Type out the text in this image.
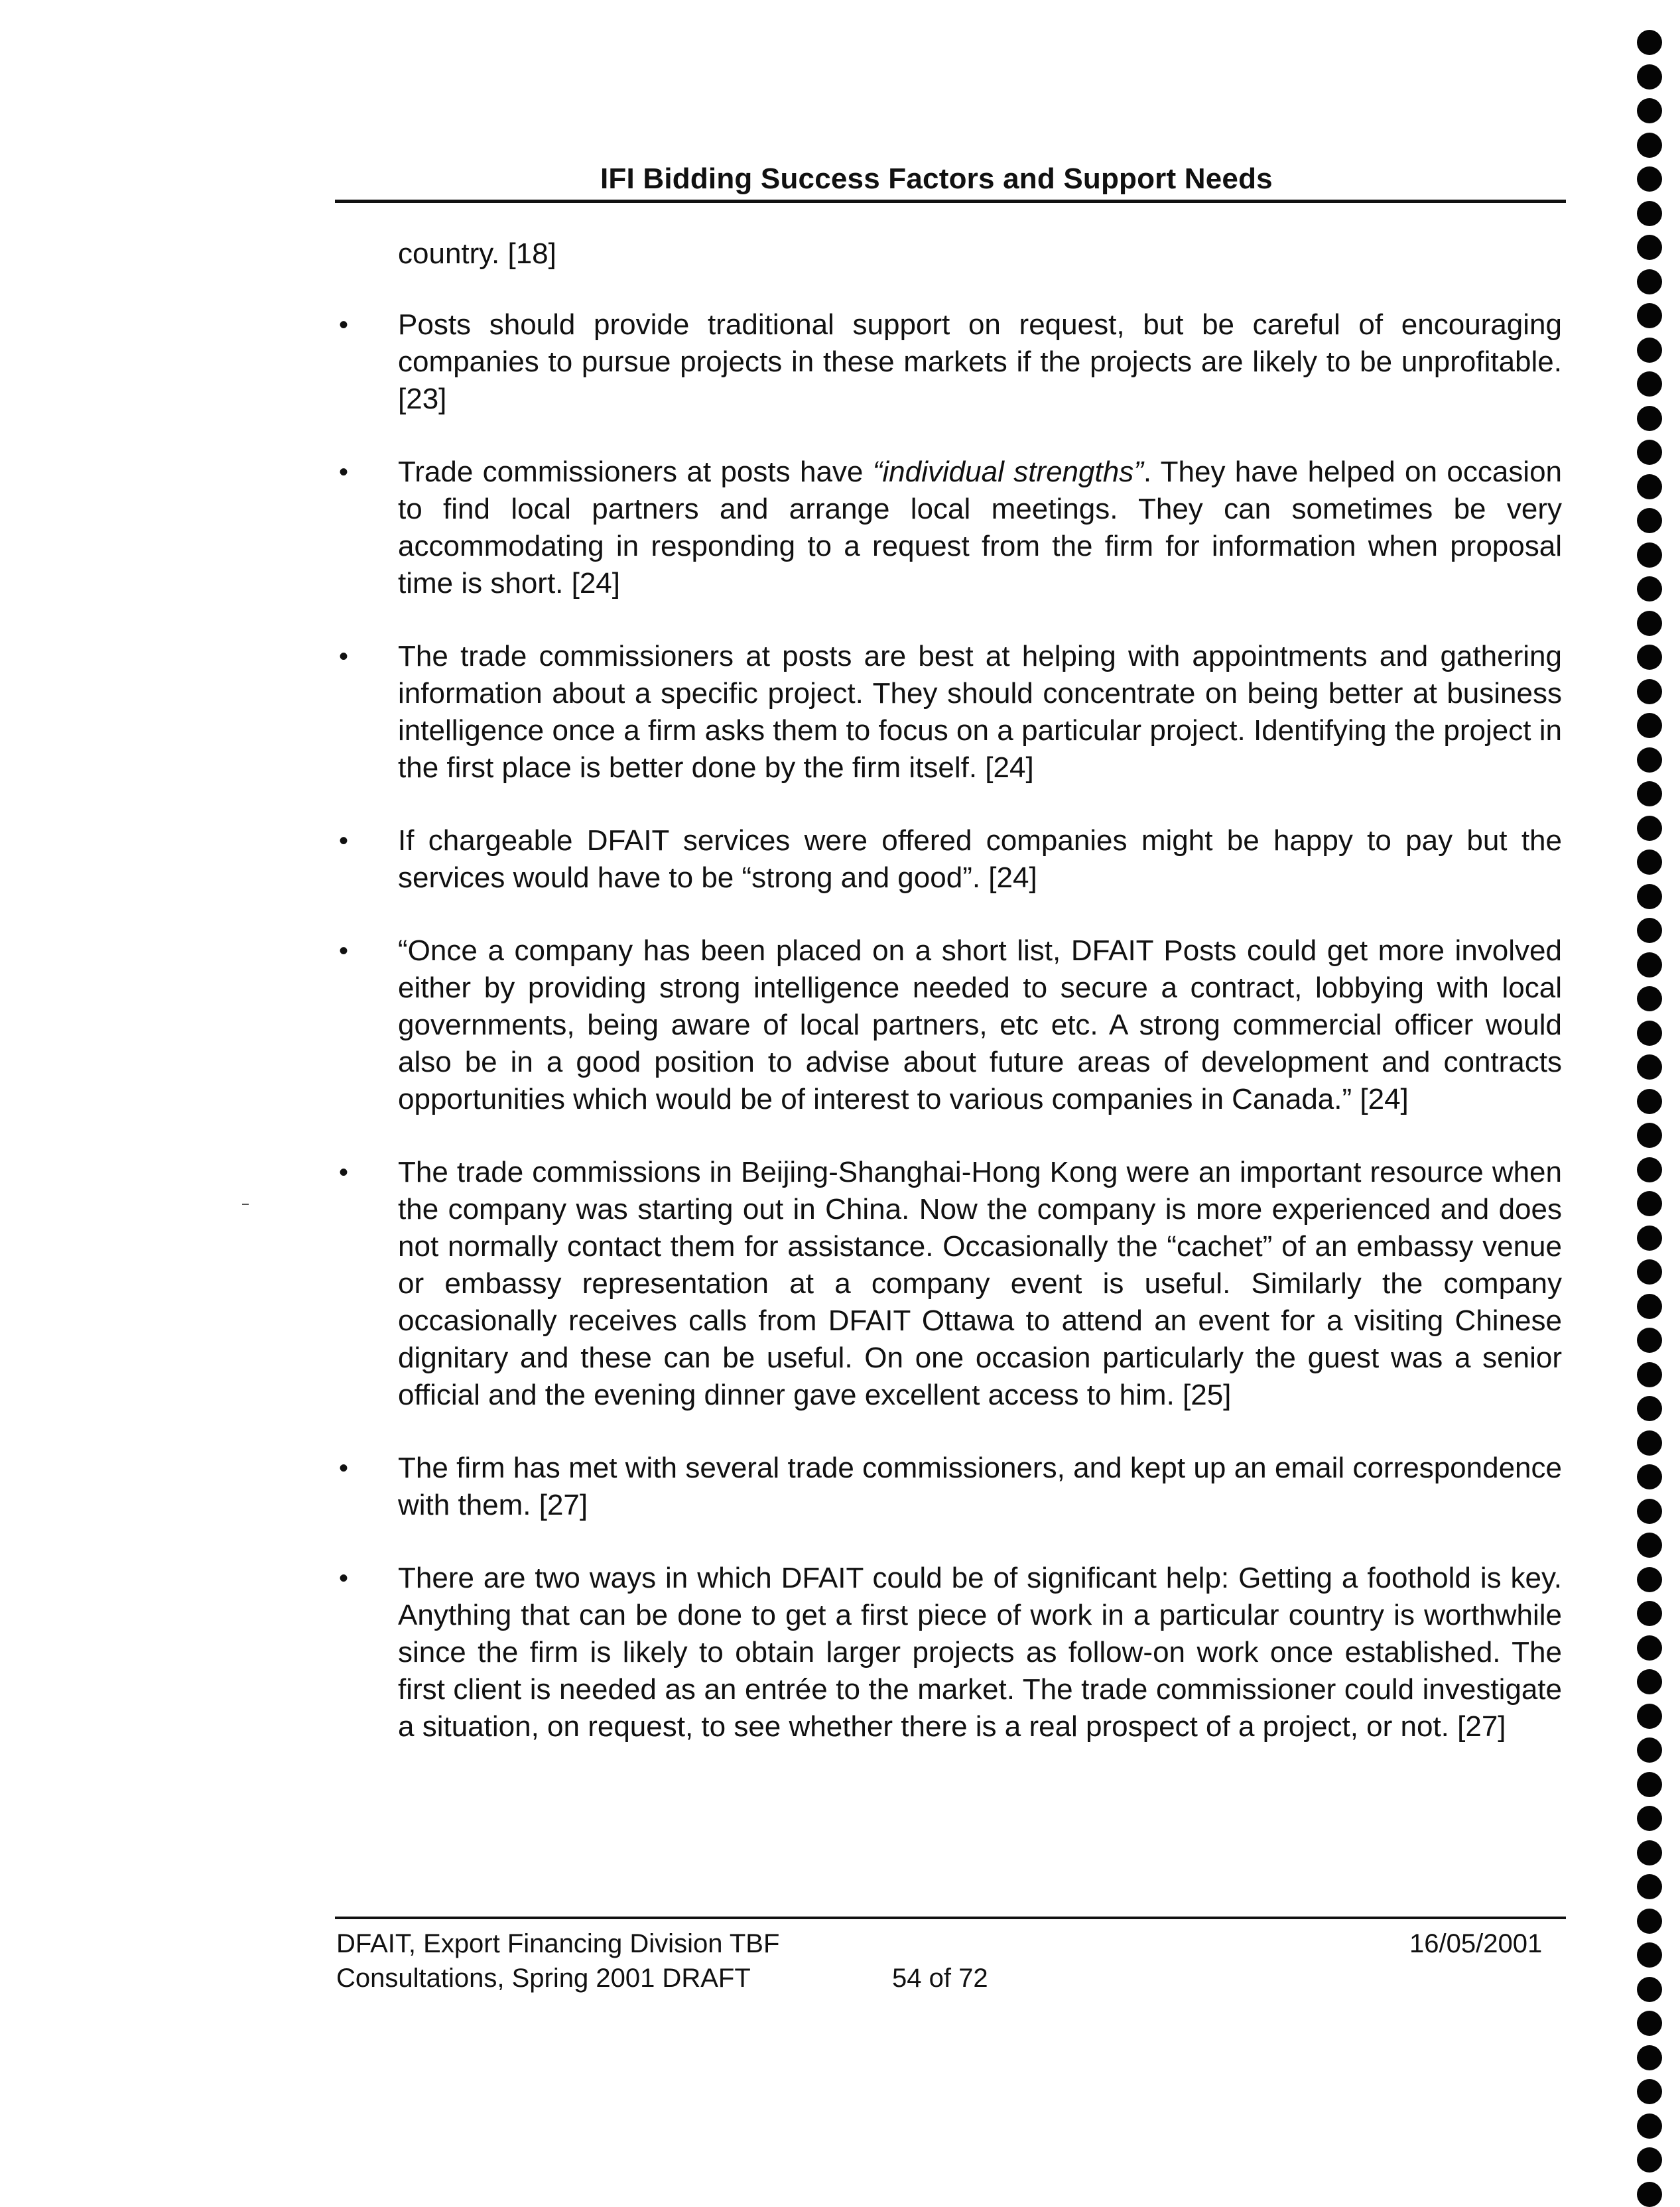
IFI Bidding Success Factors and Support Needs
country. [18]
• Posts should provide traditional support on request, but be careful of encouraging companies to pursue projects in these markets if the projects are likely to be unprofitable. [23]
• Trade commissioners at posts have “individual strengths”. They have helped on occasion to find local partners and arrange local meetings. They can sometimes be very accommodating in responding to a request from the firm for information when proposal time is short. [24]
• The trade commissioners at posts are best at helping with appointments and gathering information about a specific project. They should concentrate on being better at business intelligence once a firm asks them to focus on a particular project. Identifying the project in the first place is better done by the firm itself. [24]
• If chargeable DFAIT services were offered companies might be happy to pay but the services would have to be “strong and good”. [24]
• “Once a company has been placed on a short list, DFAIT Posts could get more involved either by providing strong intelligence needed to secure a contract, lobbying with local governments, being aware of local partners, etc etc. A strong commercial officer would also be in a good position to advise about future areas of development and contracts opportunities which would be of interest to various companies in Canada.” [24]
• The trade commissions in Beijing-Shanghai-Hong Kong were an important resource when the company was starting out in China. Now the company is more experienced and does not normally contact them for assistance. Occasionally the “cachet” of an embassy venue or embassy representation at a company event is useful. Similarly the company occasionally receives calls from DFAIT Ottawa to attend an event for a visiting Chinese dignitary and these can be useful. On one occasion particularly the guest was a senior official and the evening dinner gave excellent access to him. [25]
• The firm has met with several trade commissioners, and kept up an email correspondence with them. [27]
• There are two ways in which DFAIT could be of significant help: Getting a foothold is key. Anything that can be done to get a first piece of work in a particular country is worthwhile since the firm is likely to obtain larger projects as follow-on work once established. The first client is needed as an entrée to the market. The trade commissioner could investigate a situation, on request, to see whether there is a real prospect of a project, or not. [27]
DFAIT, Export Financing Division TBF
Consultations, Spring 2001 DRAFT	54 of 72
16/05/2001
